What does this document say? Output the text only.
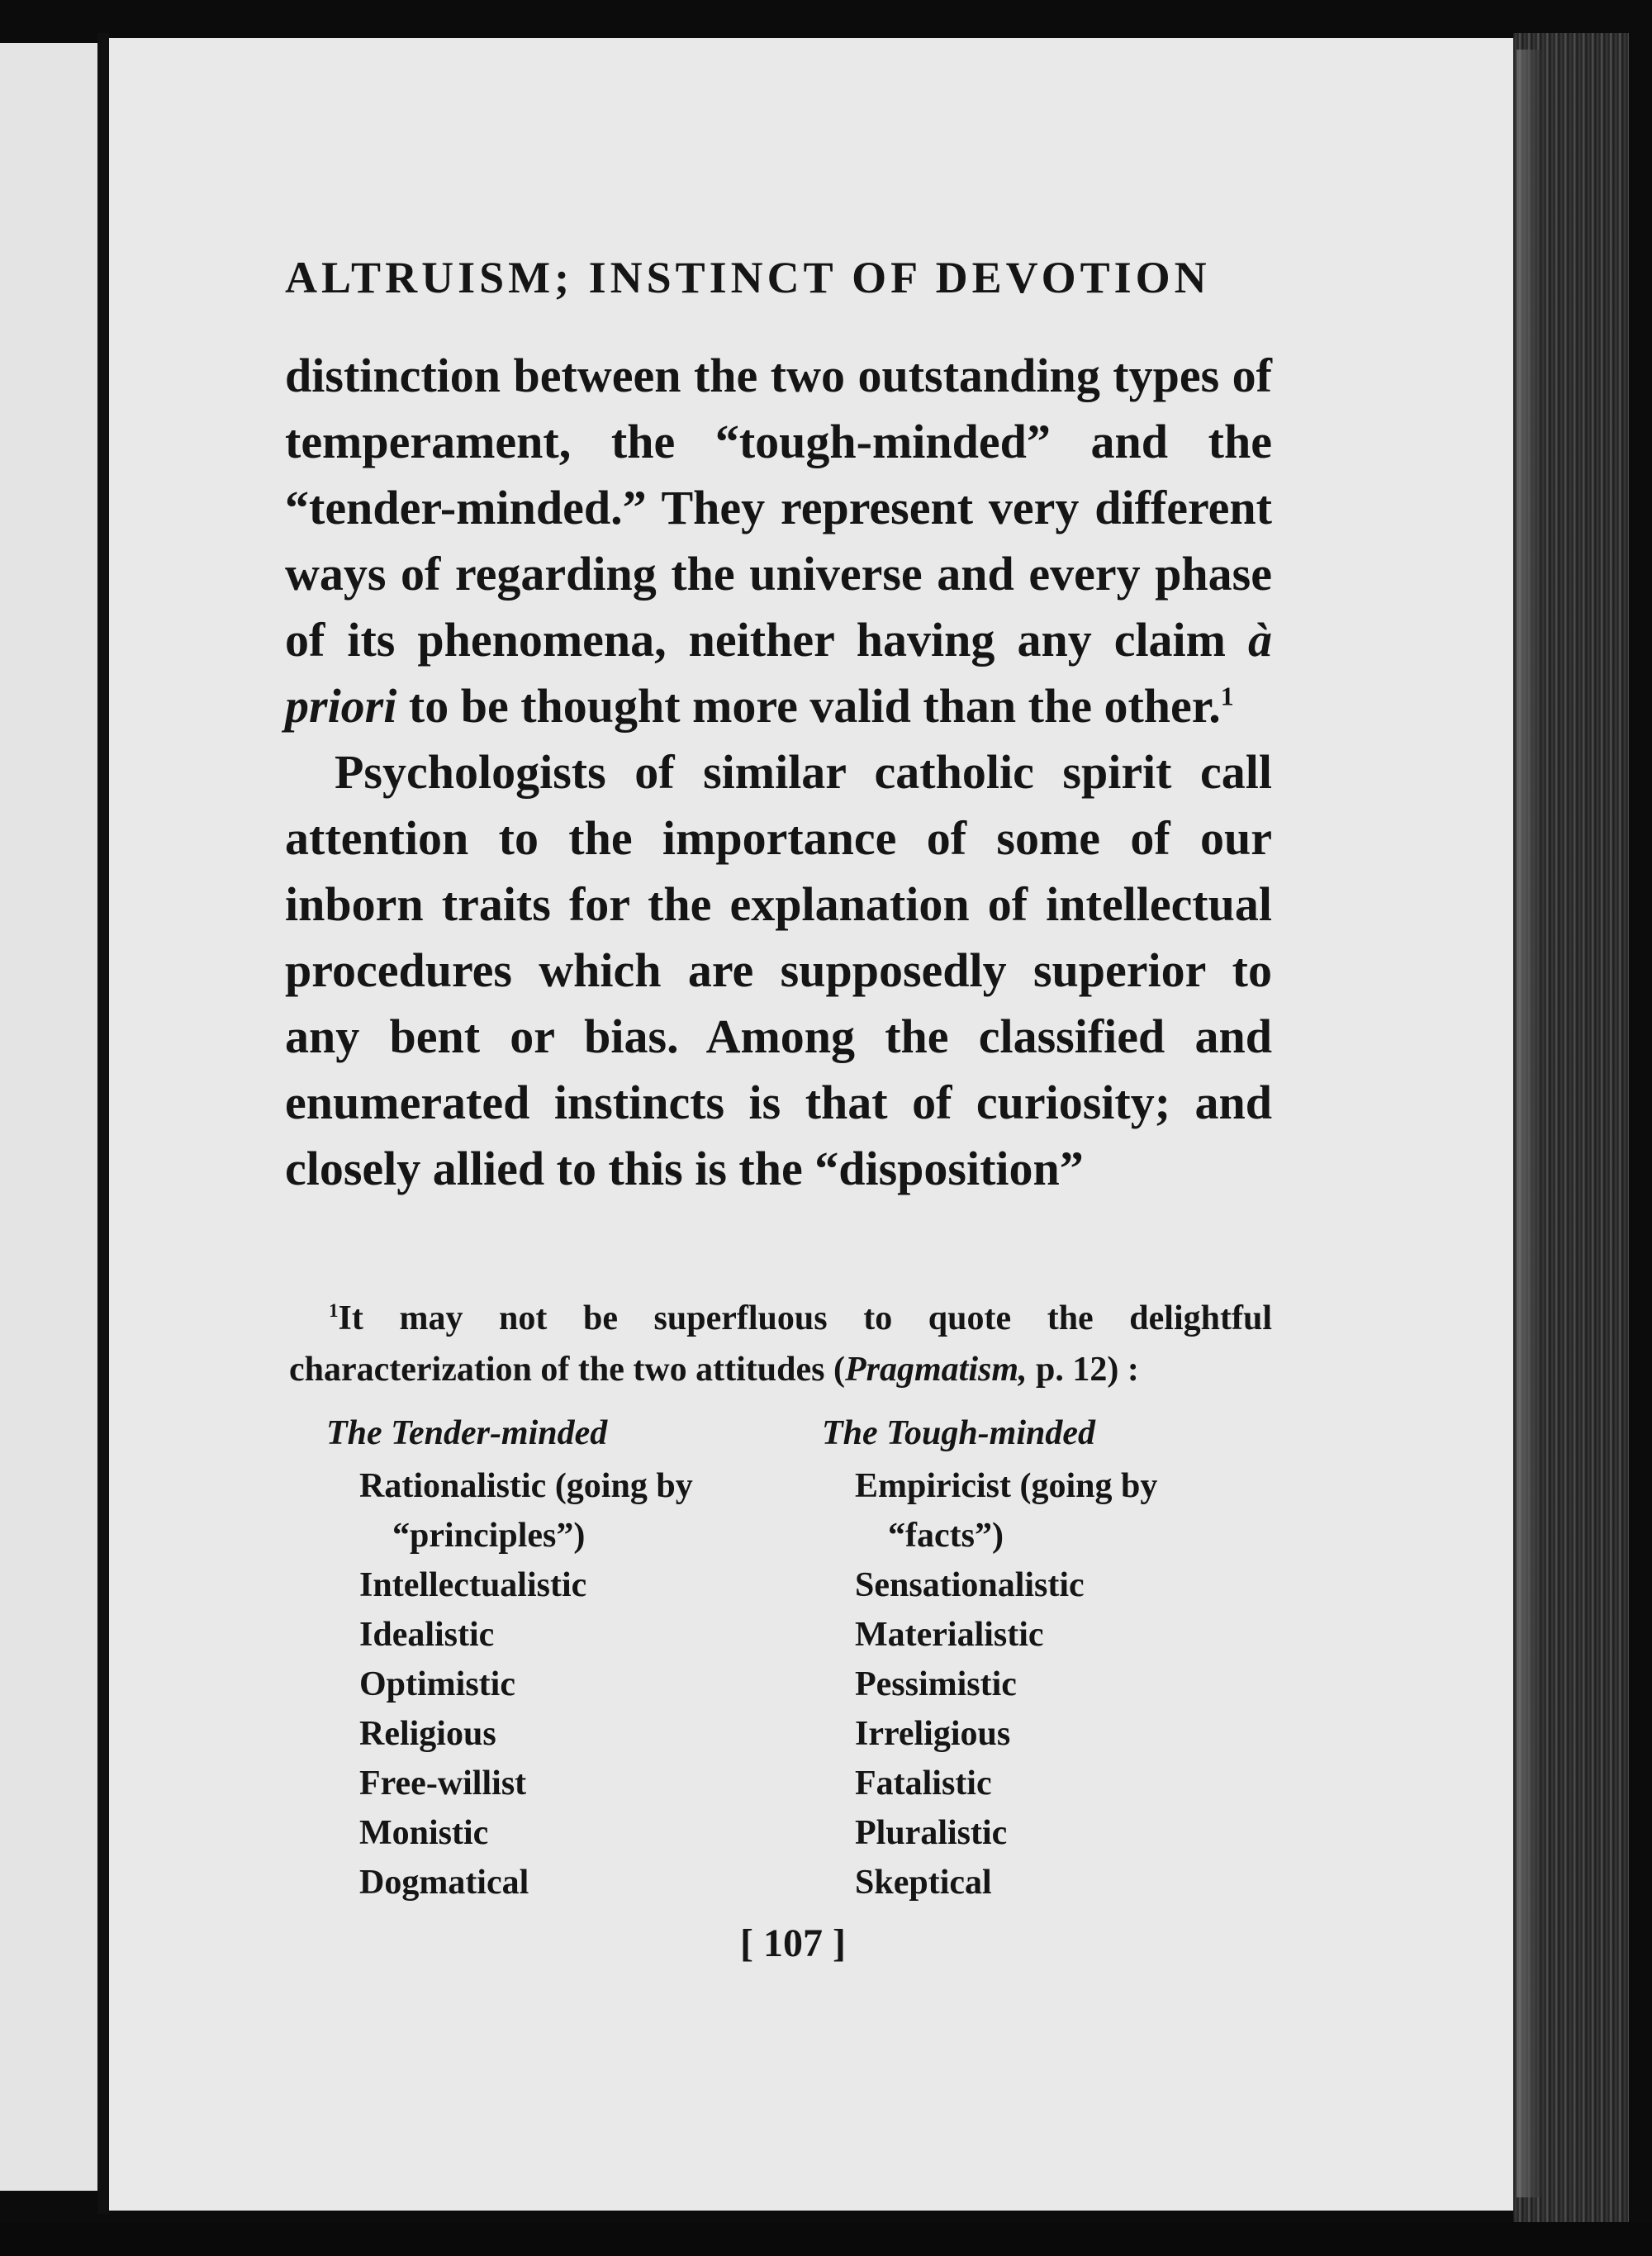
ALTRUISM; INSTINCT OF DEVOTION

distinction between the two outstanding types of temperament, the “tough-minded” and the “tender-minded.” They represent very different ways of regarding the universe and every phase of its phenomena, neither having any claim à priori to be thought more valid than the other.$^1$

Psychologists of similar catholic spirit call attention to the importance of some of our inborn traits for the explanation of intellectual procedures which are supposedly superior to any bent or bias. Among the classified and enumerated instincts is that of curiosity; and closely allied to this is the “disposition”

$^1$It may not be superfluous to quote the delightful characterization of the two attitudes (Pragmatism, p. 12) :

The Tender-minded
Rationalistic (going by
“principles”)
Intellectualistic
Idealistic
Optimistic
Religious
Free-willist
Monistic
Dogmatical
The Tough-minded
Empiricist (going by
“facts”)
Sensationalistic
Materialistic
Pessimistic
Irreligious
Fatalistic
Pluralistic
Skeptical
[ 107 ]
